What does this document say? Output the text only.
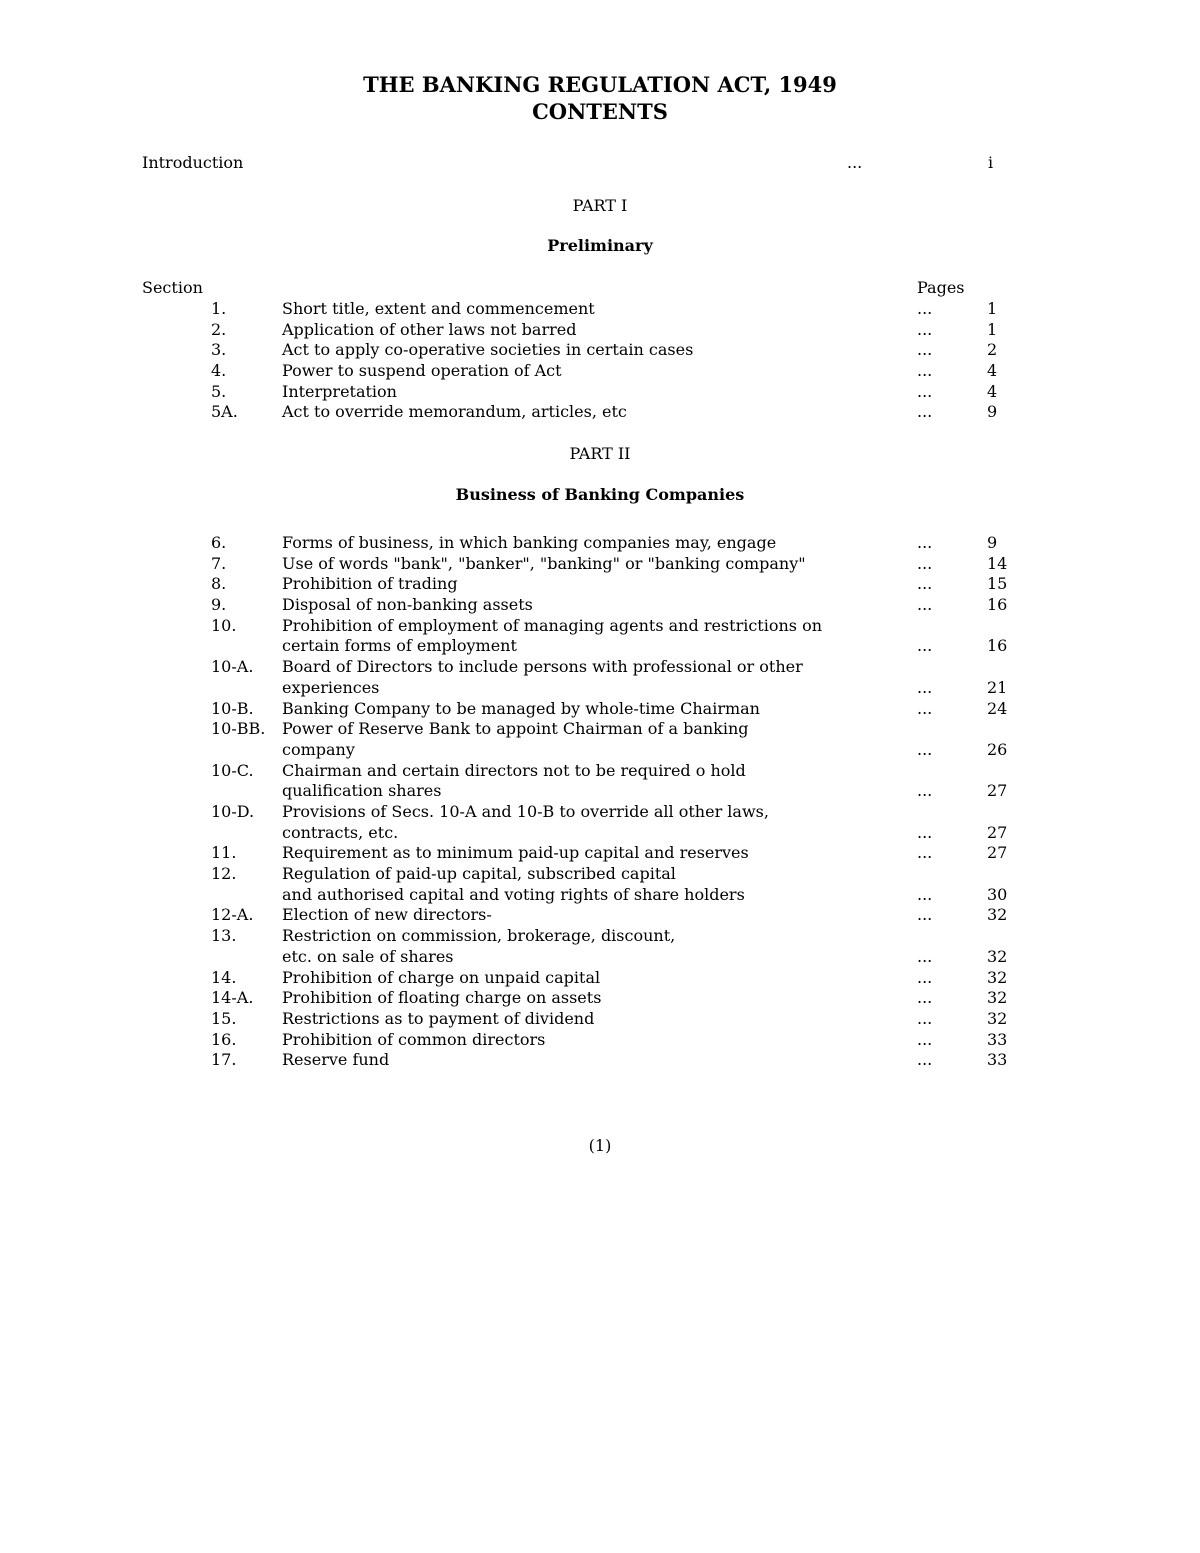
THE BANKING REGULATION ACT, 1949
CONTENTS
Introduction	...	i
PART I
Preliminary
Section	Pages
1.	Short title, extent and commencement	...	1
2.	Application of other laws not barred	...	1
3.	Act to apply co-operative societies in certain cases	...	2
4.	Power to suspend operation of Act	...	4
5.	Interpretation	...	4
5A.	Act to override memorandum, articles, etc	...	9
PART II
Business of Banking Companies
6.	Forms of business, in which banking companies may, engage	...	9
7.	Use of words "bank", "banker", "banking" or "banking company"	...	14
8.	Prohibition of trading	...	15
9.	Disposal of non-banking assets	...	16
10.	Prohibition of employment of managing agents and restrictions on
certain forms of employment	...	16
10-A. Board of Directors to include persons with professional or other
experiences	...	21
10-B. Banking Company to be managed by whole-time Chairman	...	24
10-BB. Power of Reserve Bank to appoint Chairman of a banking
company	...	26
10-C. Chairman and certain directors not to be required o hold
qualification shares	...	27
10-D. Provisions of Secs. 10-A and 10-B to override all other laws,
contracts, etc.	...	27
11.	Requirement as to minimum paid-up capital and reserves	...	27
12.	Regulation of paid-up capital, subscribed capital
and authorised capital and voting rights of share holders	...	30
12-A. Election of new directors-	...	32
13.	Restriction on commission, brokerage, discount,
etc. on sale of shares	...	32
14.	Prohibition of charge on unpaid capital	...	32
14-A. Prohibition of floating charge on assets	...	32
15.	Restrictions as to payment of dividend	...	32
16.	Prohibition of common directors	...	33
17.	Reserve fund	...	33
(1)
